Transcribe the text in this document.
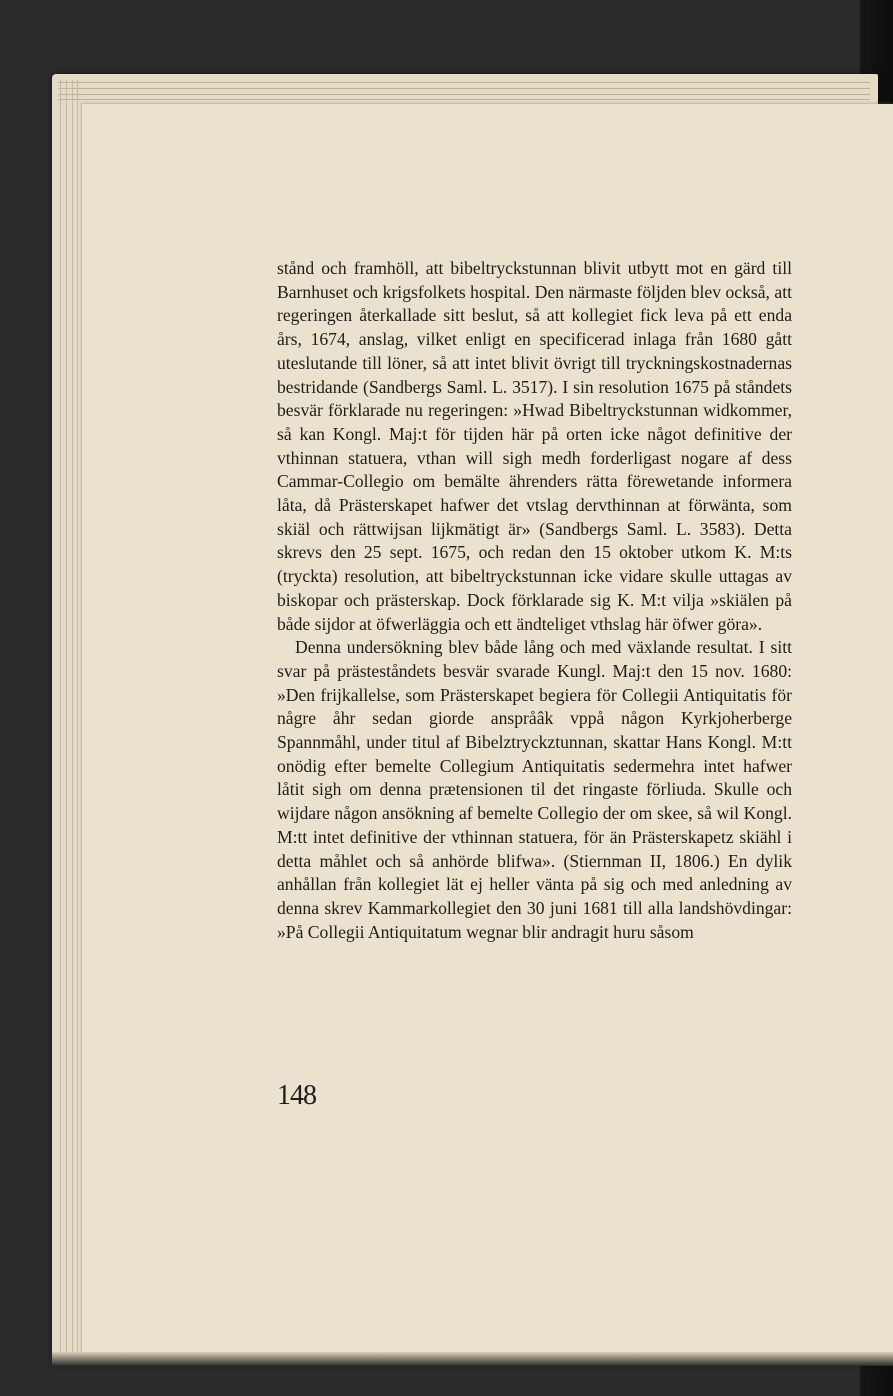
stånd och framhöll, att bibeltryckstunnan blivit utbytt mot en gärd till Barnhuset och krigsfolkets hospital. Den närmaste följden blev också, att regeringen återkallade sitt beslut, så att kollegiet fick leva på ett enda års, 1674, anslag, vilket enligt en specificerad inlaga från 1680 gått uteslutande till löner, så att intet blivit övrigt till tryckningskostnadernas bestridande (Sandbergs Saml. L. 3517). I sin resolution 1675 på ståndets besvär förklarade nu regeringen: »Hwad Bibeltryckstunnan widkommer, så kan Kongl. Maj:t för tijden här på orten icke något definitive der vthinnan statuera, vthan will sigh medh forderligast nogare af dess Cammar-Collegio om bemälte ährenders rätta förewetande informera låta, då Prästerskapet hafwer det vtslag dervthinnan at förwänta, som skiäl och rättwijsan lijkmätigt är» (Sandbergs Saml. L. 3583). Detta skrevs den 25 sept. 1675, och redan den 15 oktober utkom K. M:ts (tryckta) resolution, att bibeltryckstunnan icke vidare skulle uttagas av biskopar och prästerskap. Dock förklarade sig K. M:t vilja »skiälen på både sijdor at öfwerläggia och ett ändteliget vthslag här öfwer göra».

Denna undersökning blev både lång och med växlande resultat. I sitt svar på prästeståndets besvär svarade Kungl. Maj:t den 15 nov. 1680: »Den frijkallelse, som Prästerskapet begiera för Collegii Antiquitatis för någre åhr sedan giorde anspråâk vppå någon Kyrkjoherberge Spannmåhl, under titul af Bibelztryckztunnan, skattar Hans Kongl. M:tt onödig efter bemelte Collegium Antiquitatis sedermehra intet hafwer låtit sigh om denna prætensionen til det ringaste förliuda. Skulle och wijdare någon ansökning af bemelte Collegio der om skee, så wil Kongl. M:tt intet definitive der vthinnan statuera, för än Prästerskapetz skiähl i detta måhlet och så anhörde blifwa». (Stiernman II, 1806.) En dylik anhållan från kollegiet lät ej heller vänta på sig och med anledning av denna skrev Kammarkollegiet den 30 juni 1681 till alla landshövdingar: »På Collegii Antiquitatum wegnar blir andragit huru såsom

148
